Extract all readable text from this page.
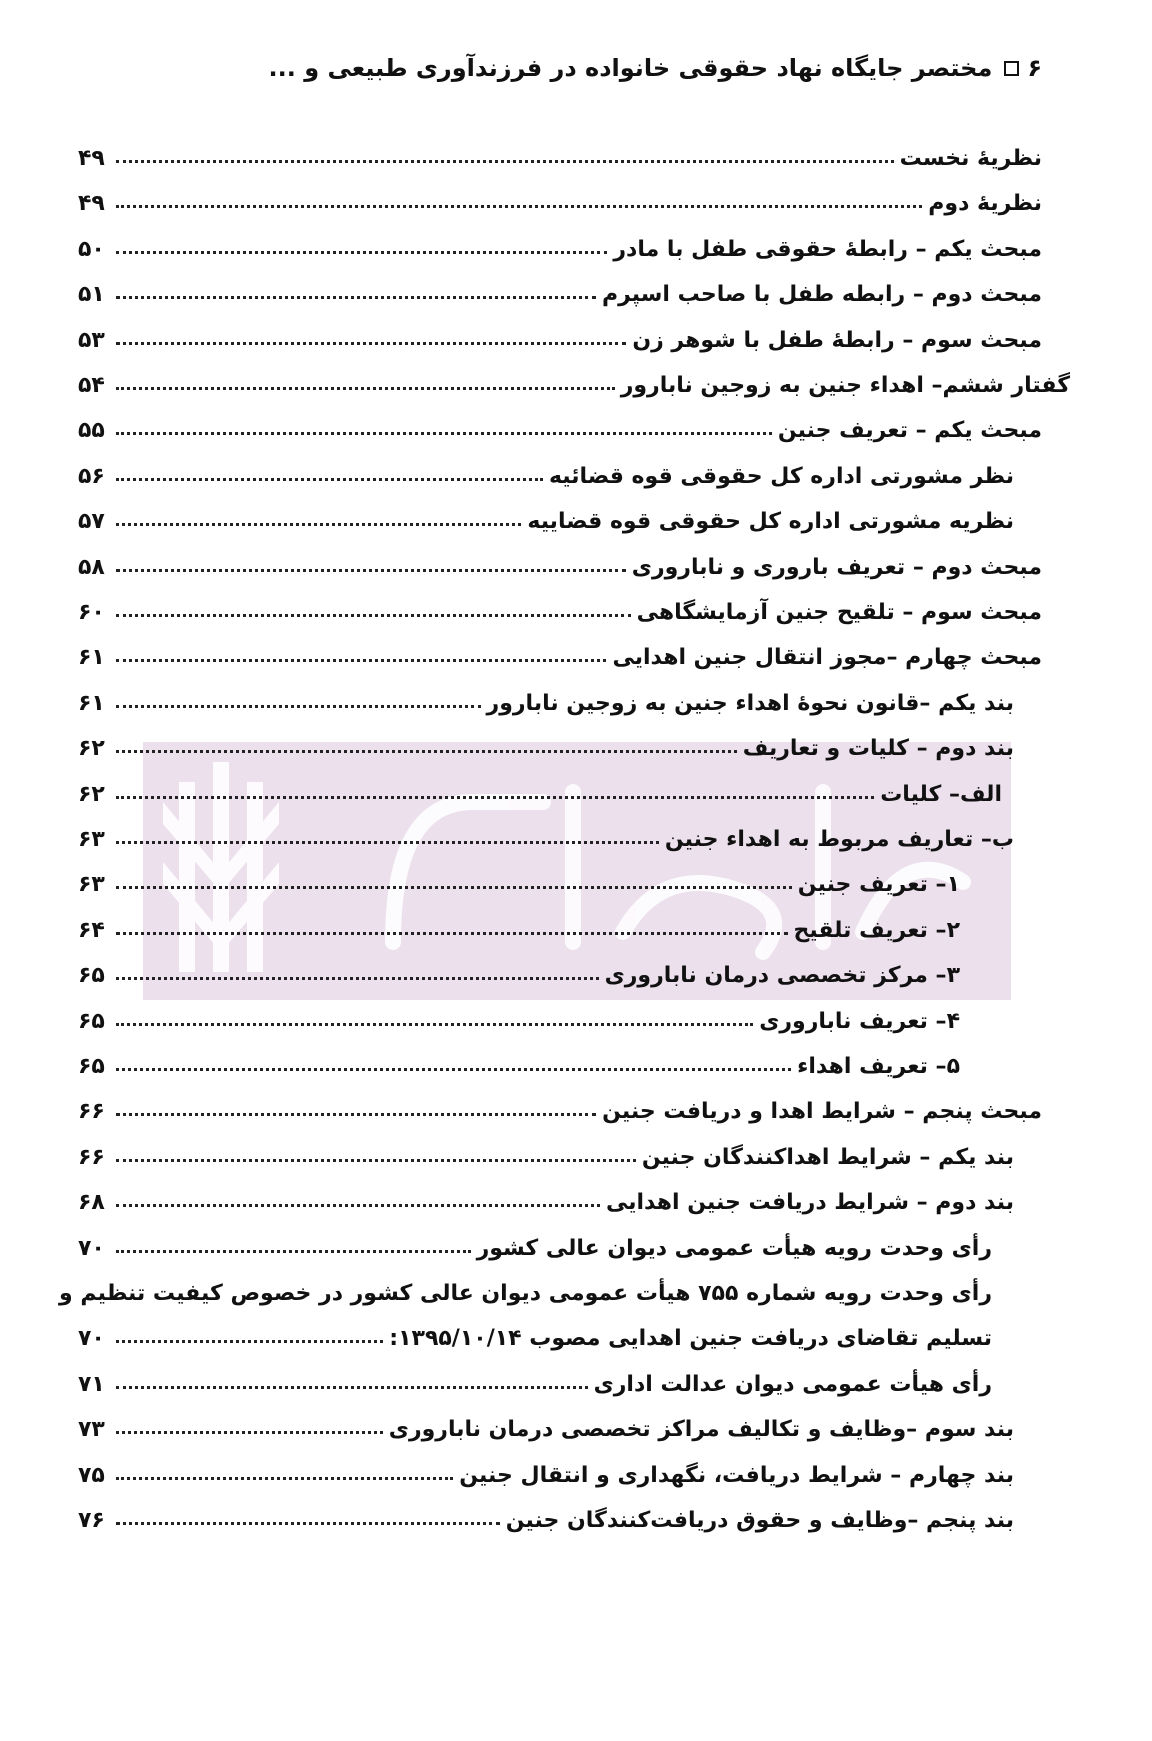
۶
مختصر جایگاه نهاد حقوقی خانواده در فرزندآوری طبیعی و ...
نظریهٔ نخست
۴۹
نظریهٔ دوم
۴۹
مبحث یکم – رابطهٔ حقوقی طفل با مادر
۵۰
مبحث دوم – رابطه طفل با صاحب اسپرم
۵۱
مبحث سوم – رابطهٔ طفل با شوهر زن
۵۳
گفتار ششم– اهداء جنین به زوجین نابارور
۵۴
مبحث یکم – تعریف جنین
۵۵
نظر مشورتی اداره کل حقوقی قوه قضائیه
۵۶
نظریه مشورتی اداره کل حقوقی قوه قضاییه
۵۷
مبحث دوم – تعریف باروری و ناباروری
۵۸
مبحث سوم – تلقیح جنین آزمایشگاهی
۶۰
مبحث چهارم –مجوز انتقال جنین اهدایی
۶۱
بند یکم –قانون نحوهٔ اهداء جنین به زوجین نابارور
۶۱
بند دوم – کلیات و تعاریف
۶۲
الف– کلیات
۶۲
ب– تعاریف مربوط به اهداء جنین
۶۳
۱– تعریف جنین
۶۳
۲– تعریف تلقیح
۶۴
۳– مرکز تخصصی درمان ناباروری
۶۵
۴– تعریف ناباروری
۶۵
۵– تعریف اهداء
۶۵
مبحث پنجم – شرایط اهدا و دریافت جنین
۶۶
بند یکم – شرایط اهداکنندگان جنین
۶۶
بند دوم – شرایط دریافت جنین اهدایی
۶۸
رأی وحدت رویه هیأت عمومی دیوان عالی کشور
۷۰
رأی وحدت رویه شماره ۷۵۵ هیأت عمومی دیوان عالی کشور در خصوص کیفیت تنظیم و
تسلیم تقاضای دریافت جنین اهدایی مصوب ۱۳۹۵/۱۰/۱۴:
۷۰
رأی هیأت عمومی دیوان عدالت اداری
۷۱
بند سوم –وظایف و تکالیف مراکز تخصصی درمان ناباروری
۷۳
بند چهارم – شرایط دریافت، نگهداری و انتقال جنین
۷۵
بند پنجم –وظایف و حقوق دریافت‌کنندگان جنین
۷۶
